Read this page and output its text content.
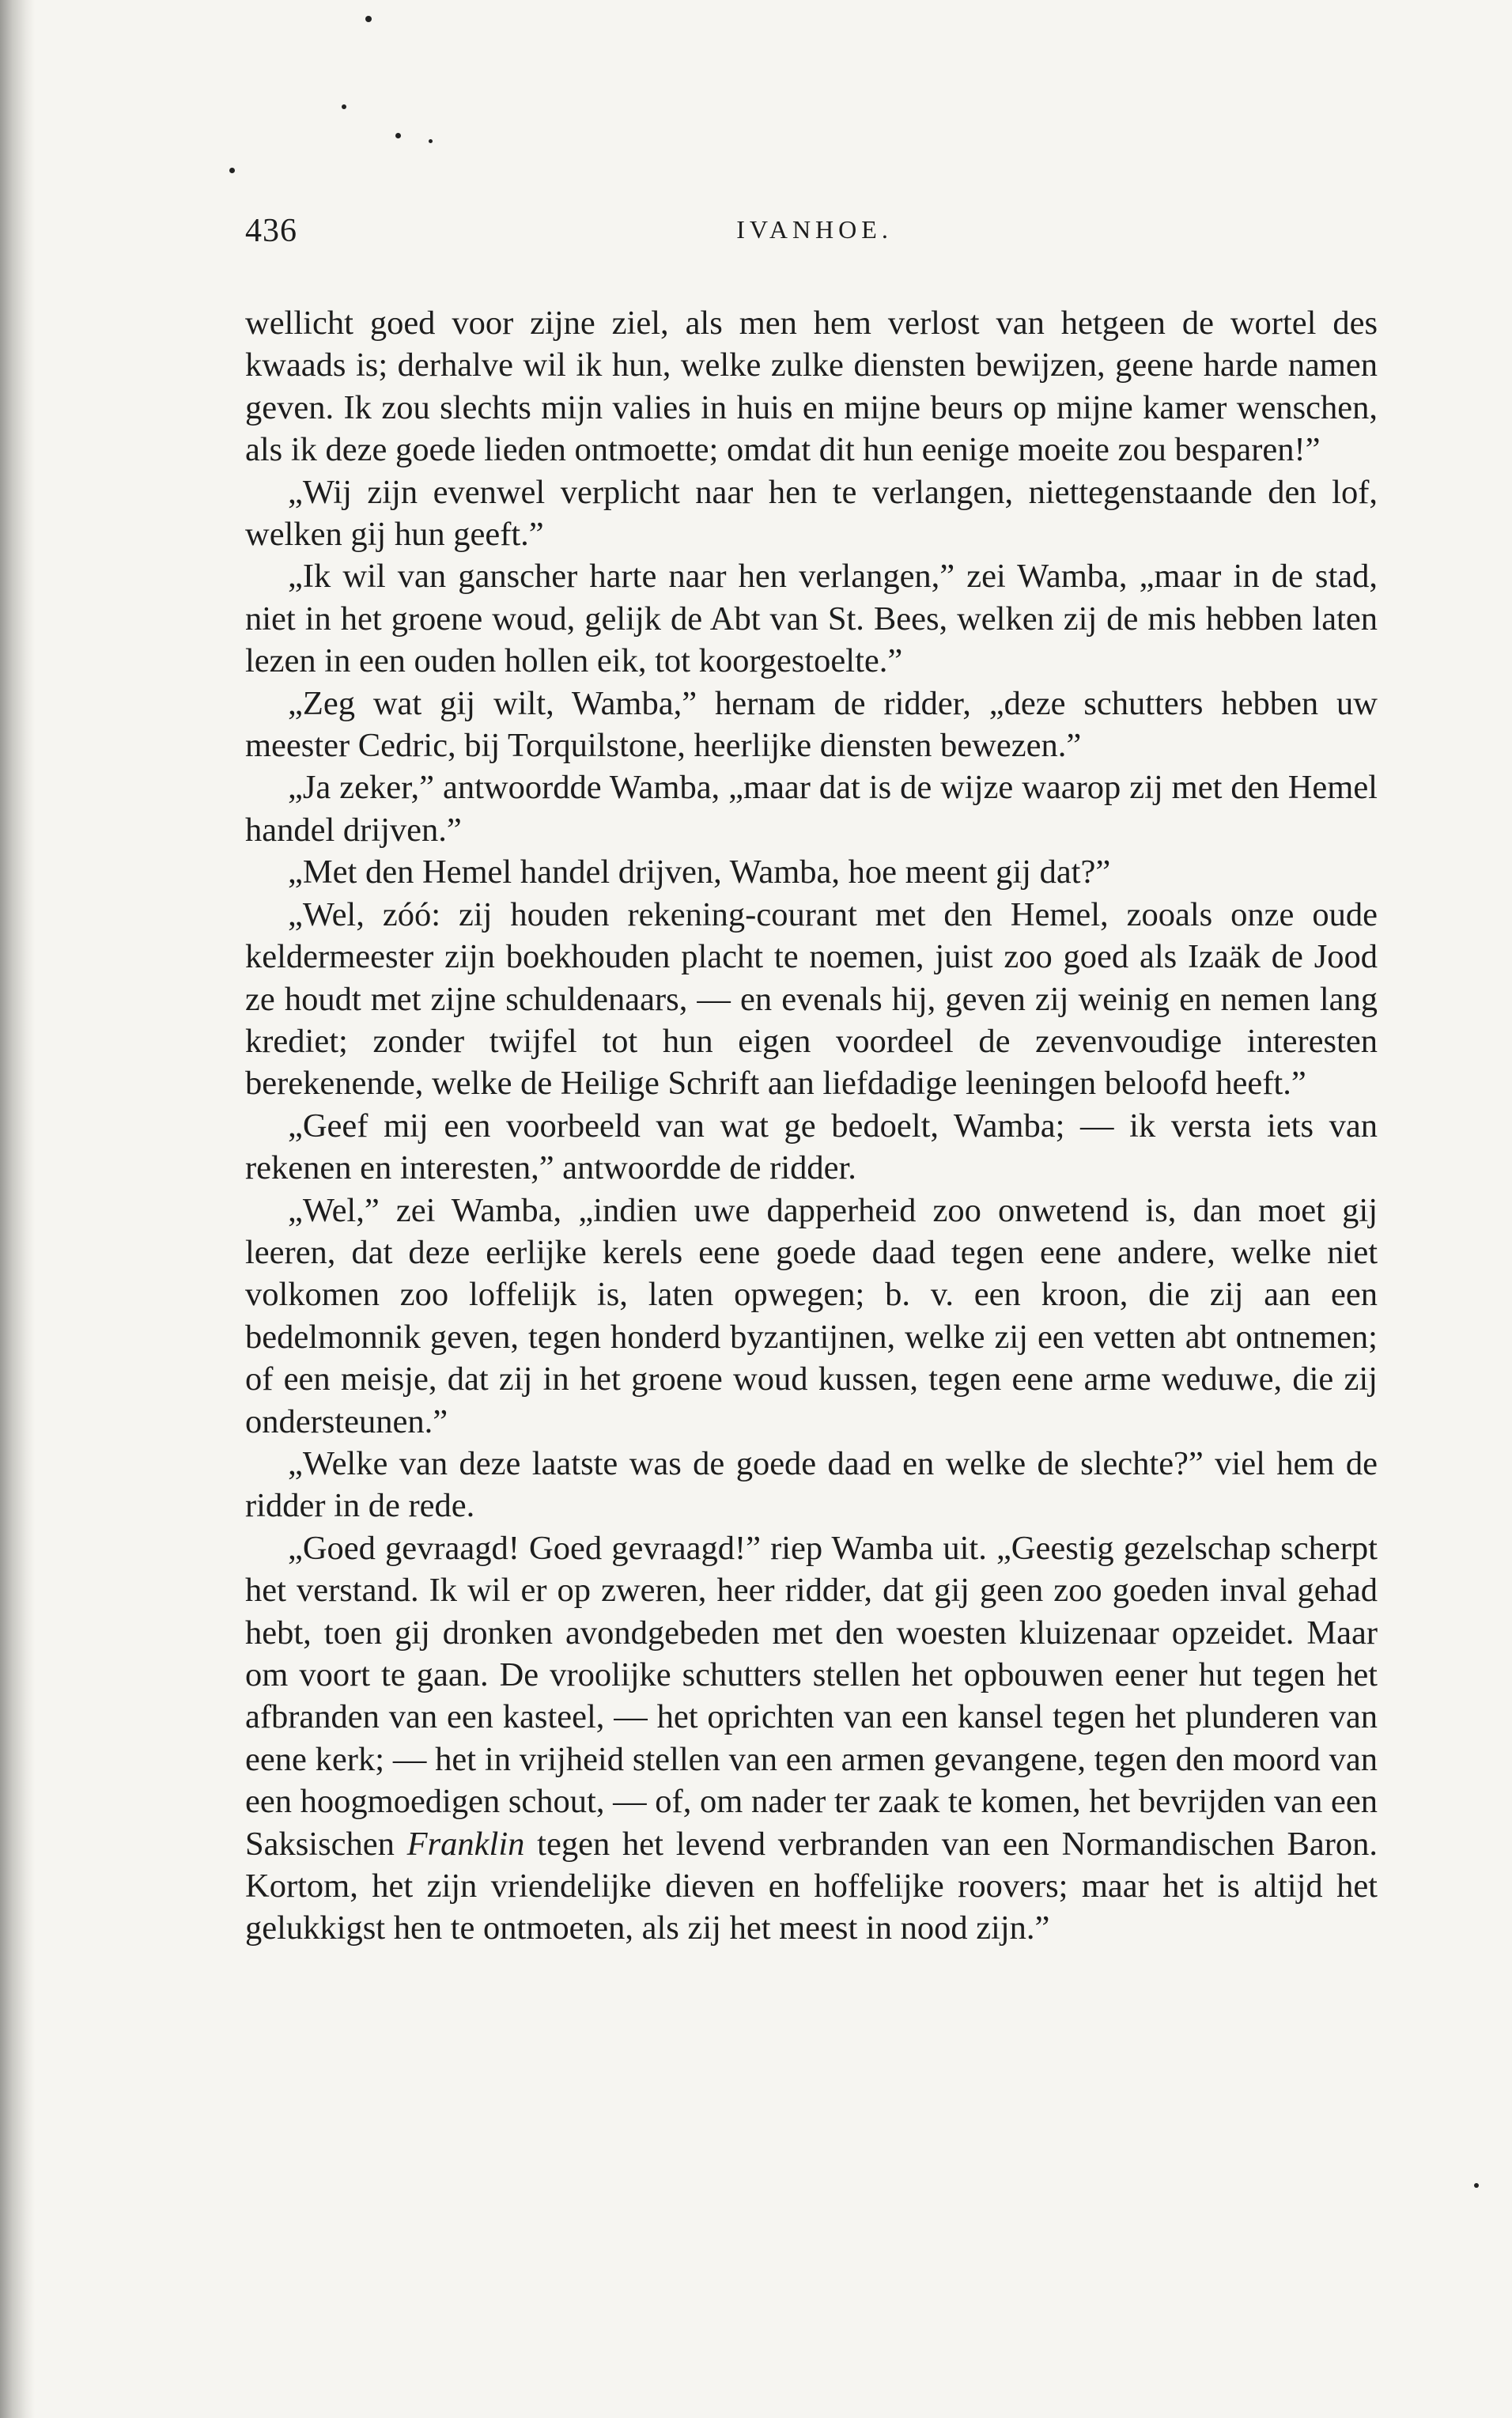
436	IVANHOE.

wellicht goed voor zijne ziel, als men hem verlost van hetgeen de wortel des kwaads is; derhalve wil ik hun, welke zulke diensten bewijzen, geene harde namen geven. Ik zou slechts mijn valies in huis en mijne beurs op mijne kamer wenschen, als ik deze goede lieden ontmoette; omdat dit hun eenige moeite zou besparen!”

„Wij zijn evenwel verplicht naar hen te verlangen, niettegenstaande den lof, welken gij hun geeft.”

„Ik wil van ganscher harte naar hen verlangen,” zei Wamba, „maar in de stad, niet in het groene woud, gelijk de Abt van St. Bees, welken zij de mis hebben laten lezen in een ouden hollen eik, tot koorgestoelte.”

„Zeg wat gij wilt, Wamba,” hernam de ridder, „deze schutters hebben uw meester Cedric, bij Torquilstone, heerlijke diensten bewezen.”

„Ja zeker,” antwoordde Wamba, „maar dat is de wijze waarop zij met den Hemel handel drijven.”

„Met den Hemel handel drijven, Wamba, hoe meent gij dat?”

„Wel, zóó: zij houden rekening-courant met den Hemel, zooals onze oude keldermeester zijn boekhouden placht te noemen, juist zoo goed als Izaäk de Jood ze houdt met zijne schuldenaars, — en evenals hij, geven zij weinig en nemen lang krediet; zonder twijfel tot hun eigen voordeel de zevenvoudige interesten berekenende, welke de Heilige Schrift aan liefdadige leeningen beloofd heeft.”

„Geef mij een voorbeeld van wat ge bedoelt, Wamba; — ik versta iets van rekenen en interesten,” antwoordde de ridder.

„Wel,” zei Wamba, „indien uwe dapperheid zoo onwetend is, dan moet gij leeren, dat deze eerlijke kerels eene goede daad tegen eene andere, welke niet volkomen zoo loffelijk is, laten opwegen; b. v. een kroon, die zij aan een bedelmonnik geven, tegen honderd byzantijnen, welke zij een vetten abt ontnemen; of een meisje, dat zij in het groene woud kussen, tegen eene arme weduwe, die zij ondersteunen.”

„Welke van deze laatste was de goede daad en welke de slechte?” viel hem de ridder in de rede.

„Goed gevraagd! Goed gevraagd!” riep Wamba uit. „Geestig gezelschap scherpt het verstand. Ik wil er op zweren, heer ridder, dat gij geen zoo goeden inval gehad hebt, toen gij dronken avondgebeden met den woesten kluizenaar opzeidet. Maar om voort te gaan. De vroolijke schutters stellen het opbouwen eener hut tegen het afbranden van een kasteel, — het oprichten van een kansel tegen het plunderen van eene kerk; — het in vrijheid stellen van een armen gevangene, tegen den moord van een hoogmoedigen schout, — of, om nader ter zaak te komen, het bevrijden van een Saksischen Franklin tegen het levend verbranden van een Normandischen Baron. Kortom, het zijn vriendelijke dieven en hoffelijke roovers; maar het is altijd het gelukkigst hen te ontmoeten, als zij het meest in nood zijn.”
